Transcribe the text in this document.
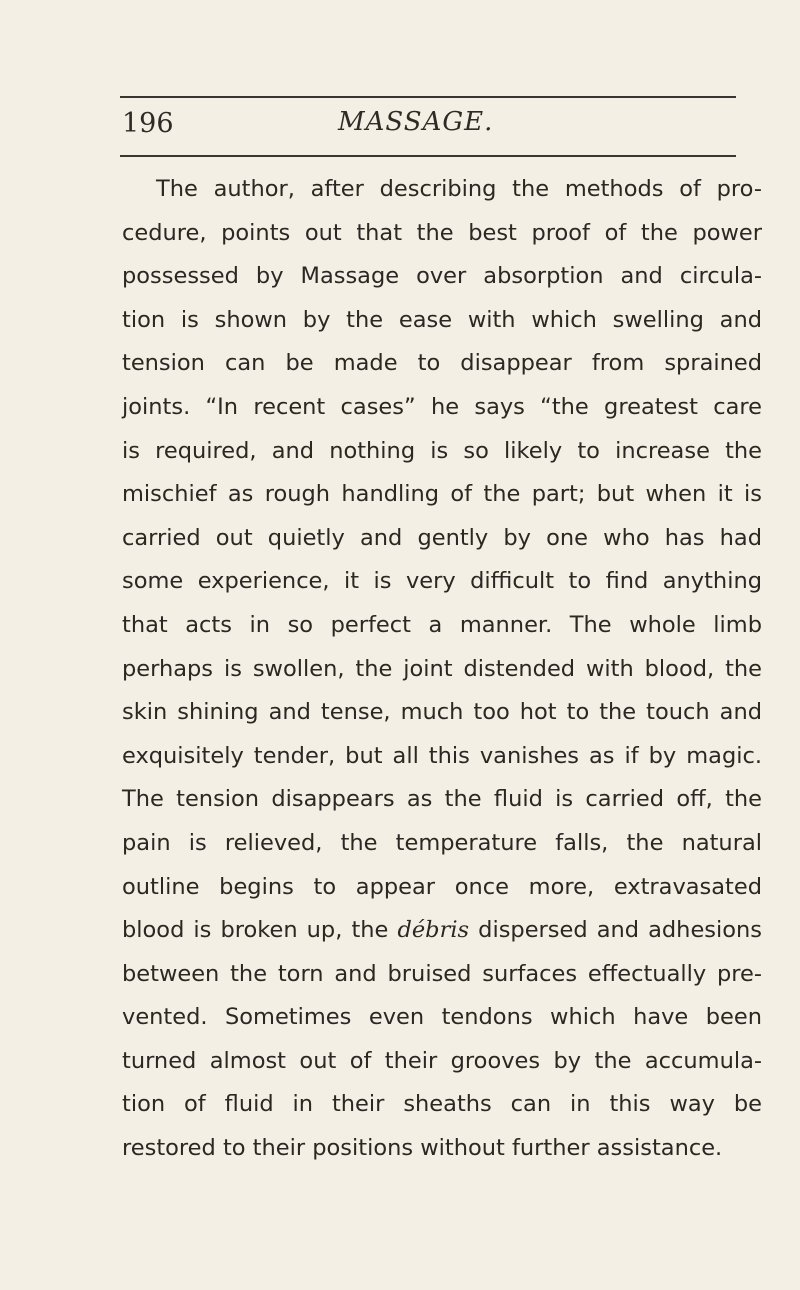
196	MASSAGE.
The author, after describing the methods of pro-
cedure, points out that the best proof of the power
possessed by Massage over absorption and circula-
tion is shown by the ease with which swelling and
tension can be made to disappear from sprained
joints. “In recent cases” he says “the greatest care
is required, and nothing is so likely to increase the
mischief as rough handling of the part; but when it is
carried out quietly and gently by one who has had
some experience, it is very difficult to find anything
that acts in so perfect a manner. The whole limb
perhaps is swollen, the joint distended with blood, the
skin shining and tense, much too hot to the touch and
exquisitely tender, but all this vanishes as if by magic.
The tension disappears as the fluid is carried off, the
pain is relieved, the temperature falls, the natural
outline begins to appear once more, extravasated
blood is broken up, the débris dispersed and adhesions
between the torn and bruised surfaces effectually pre-
vented. Sometimes even tendons which have been
turned almost out of their grooves by the accumula-
tion of fluid in their sheaths can in this way be
restored to their positions without further assistance.
